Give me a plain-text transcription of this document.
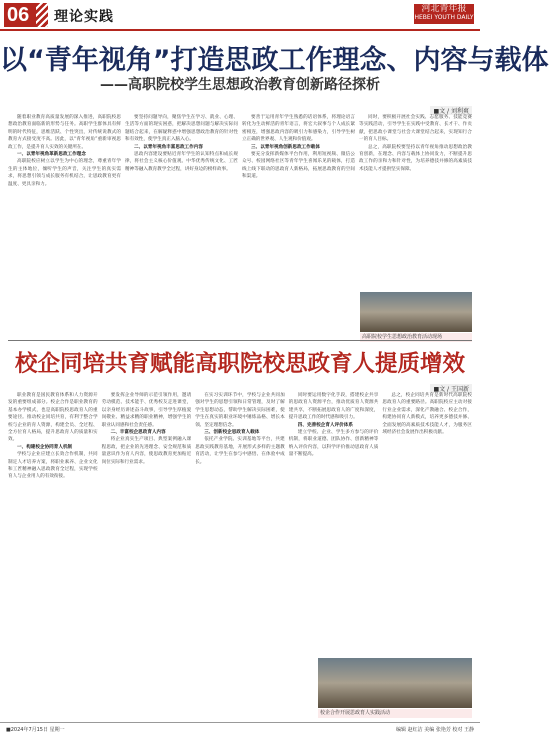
06	理论实践	河北青年报
HEBEI YOUTH DAILY
以“青年视角”打造思政工作理念、内容与载体
——高职院校学生思想政治教育创新路径探析
■文 / 刘利爽

随着职业教育高质量发展的深入推进，高职院校思想政治教育面临新的形势与任务。高职学生群体具有鲜明的时代特征，思维活跃、个性突出，对传统说教式的教育方式接受度不高。因此，以“青年视角”重新审视思政工作，是提升育人实效的关键所在。

一、以青年视角革新思政工作理念

高职院校应树立以学生为中心的理念，尊重青年学生的主体地位，倾听学生的声音，关注学生的真实需求，将思想引领与成长服务有机结合，让思政教育更有温度、更具亲和力。

要坚持问题导向，聚焦学生在学习、就业、心理、生活等方面的现实困惑，把解决思想问题与解决实际问题结合起来，在解疑释惑中增强思想政治教育的针对性和有效性，使学生真正入脑入心。

二、以青年视角丰富思政工作内容

思政内容建设要贴近青年学生的认知特点和成长规律，将社会主义核心价值观、中华优秀传统文化、工匠精神等融入教育教学全过程，讲好身边的榜样故事。

要善于运用青年学生熟悉的话语体系，将理论语言转化为生动鲜活的青年语言，将宏大叙事与个人成长紧密相连，增强思政内容的吸引力和感染力，引导学生树立正确的世界观、人生观和价值观。

三、以青年视角创新思政工作载体

要充分发挥新媒体平台作用，利用短视频、微信公众号、校园网络社区等青年学生喜闻乐见的载体，打造线上线下联动的思政育人新格局，拓展思政教育的空间和渠道。

同时，要积极开展社会实践、志愿服务、技能竞赛等实践活动，引导学生在实践中受教育、长才干、作贡献，把思政小课堂与社会大课堂结合起来，实现知行合一的育人目标。

总之，高职院校要坚持以青年视角推动思想政治教育创新，在理念、内容与载体上协同发力，不断提升思政工作的亲和力和针对性，为培养德技并修的高素质技术技能人才提供坚实保障。

高职院校学生思想政治教育活动现场
校企同培共育赋能高职院校思政育人提质增效
■文 / 王国新

职业教育是国民教育体系和人力资源开发的重要组成部分。校企合作是职业教育的基本办学模式，也是高职院校思政育人的重要途径。推动校企同培共育，有利于整合学校与企业的育人资源，构建全员、全过程、全方位育人格局，提升思政育人的质量和实效。

一、构建校企协同育人机制

学校与企业应建立长效合作机制，共同制定人才培养方案，将职业素养、企业文化和工匠精神融入思政教育全过程，实现学校育人与企业用人的有效衔接。

要发挥企业导师的示范引领作用，邀请劳动模范、技术能手、优秀校友走进课堂，以亲身经历讲述奋斗故事，引导学生厚植爱岗敬业、精益求精的职业精神，增强学生的职业认同感和社会责任感。

二、丰富校企思政育人内容

将企业真实生产项目、典型案例融入课程思政，把企业的先进理念、安全规范和质量意识作为育人内容，使思政教育更加贴近岗位实际和行业需求。

在实习实训环节中，学校与企业共同加强对学生的思想引领和日常管理，及时了解学生思想动态，帮助学生解决实际困难，使学生在真实的职业环境中锤炼品格、增长本领、坚定理想信念。

三、创新校企思政育人载体

依托产业学院、实训基地等平台，共建思政实践教育基地，开展形式多样的主题教育活动，让学生在参与中感悟、在体验中成长。

同时要运用数字化手段，搭建校企共享的思政育人资源平台，推动优质育人资源共建共享，不断拓展思政育人的广度和深度，提升思政工作的时代感和吸引力。

四、完善校企育人评价体系

建立学校、企业、学生多方参与的评价机制，将职业道德、团队协作、创新精神等纳入评价内容，以科学评价推动思政育人质量不断提高。

总之，校企同培共育是新时代高职院校思政育人的重要路径。高职院校应主动对接行业企业需求，深化产教融合、校企合作，构建协同育人新模式，培养更多德技并修、全面发展的高素质技术技能人才，为服务区域经济社会发展作出积极贡献。

校企合作开展思政育人实践活动
■2024年7月15日 星期一	编辑 赵红洁 美编 张艳芳 校对 王静
